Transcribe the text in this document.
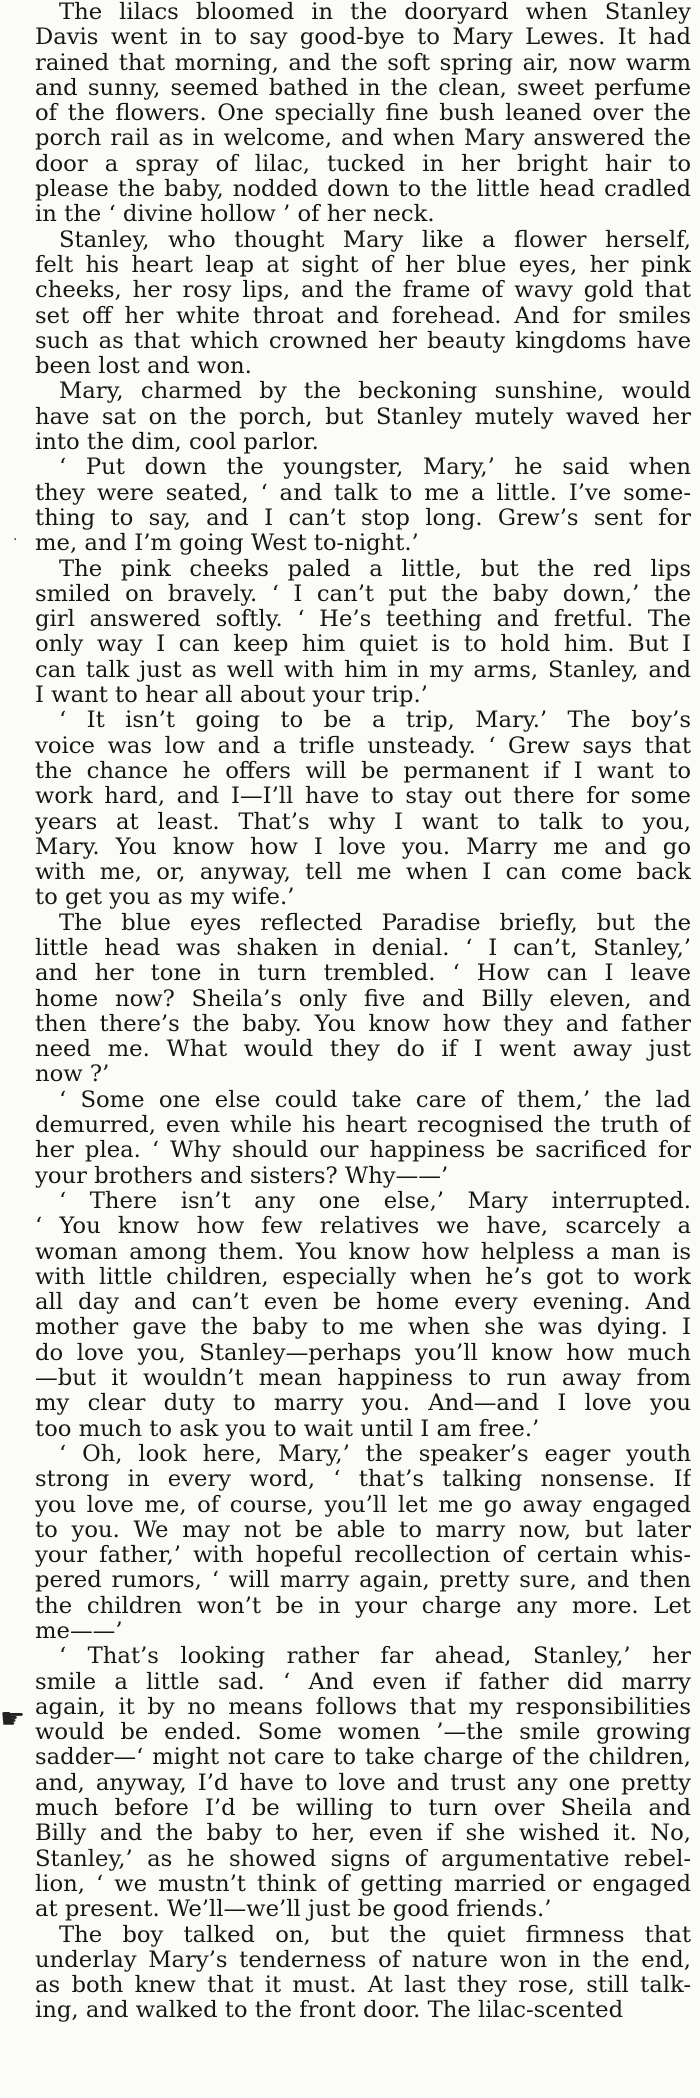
The lilacs bloomed in the dooryard when Stanley
Davis went in to say good-bye to Mary Lewes. It had
rained that morning, and the soft spring air, now warm
and sunny, seemed bathed in the clean, sweet perfume
of the flowers. One specially fine bush leaned over the
porch rail as in welcome, and when Mary answered the
door a spray of lilac, tucked in her bright hair to
please the baby, nodded down to the little head cradled
in the ‘ divine hollow ’ of her neck.

Stanley, who thought Mary like a flower herself,
felt his heart leap at sight of her blue eyes, her pink
cheeks, her rosy lips, and the frame of wavy gold that
set off her white throat and forehead. And for smiles
such as that which crowned her beauty kingdoms have
been lost and won.

Mary, charmed by the beckoning sunshine, would
have sat on the porch, but Stanley mutely waved her
into the dim, cool parlor.

‘ Put down the youngster, Mary,’ he said when
they were seated, ‘ and talk to me a little. I’ve some-
thing to say, and I can’t stop long. Grew’s sent for
me, and I’m going West to-night.’

The pink cheeks paled a little, but the red lips
smiled on bravely. ‘ I can’t put the baby down,’ the
girl answered softly. ‘ He’s teething and fretful. The
only way I can keep him quiet is to hold him. But I
can talk just as well with him in my arms, Stanley, and
I want to hear all about your trip.’

‘ It isn’t going to be a trip, Mary.’ The boy’s
voice was low and a trifle unsteady. ‘ Grew says that
the chance he offers will be permanent if I want to
work hard, and I—I’ll have to stay out there for some
years at least. That’s why I want to talk to you,
Mary. You know how I love you. Marry me and go
with me, or, anyway, tell me when I can come back
to get you as my wife.’

The blue eyes reflected Paradise briefly, but the
little head was shaken in denial. ‘ I can’t, Stanley,’
and her tone in turn trembled. ‘ How can I leave
home now? Sheila’s only five and Billy eleven, and
then there’s the baby. You know how they and father
need me. What would they do if I went away just
now ?’

‘ Some one else could take care of them,’ the lad
demurred, even while his heart recognised the truth of
her plea. ‘ Why should our happiness be sacrificed for
your brothers and sisters? Why——’

‘ There isn’t any one else,’ Mary interrupted.
‘ You know how few relatives we have, scarcely a
woman among them. You know how helpless a man is
with little children, especially when he’s got to work
all day and can’t even be home every evening. And
mother gave the baby to me when she was dying. I
do love you, Stanley—perhaps you’ll know how much
—but it wouldn’t mean happiness to run away from
my clear duty to marry you. And—and I love you
too much to ask you to wait until I am free.’

‘ Oh, look here, Mary,’ the speaker’s eager youth
strong in every word, ‘ that’s talking nonsense. If
you love me, of course, you’ll let me go away engaged
to you. We may not be able to marry now, but later
your father,’ with hopeful recollection of certain whis-
pered rumors, ‘ will marry again, pretty sure, and then
the children won’t be in your charge any more. Let
me——’

‘ That’s looking rather far ahead, Stanley,’ her
smile a little sad. ‘ And even if father did marry
again, it by no means follows that my responsibilities
would be ended. Some women ’—the smile growing
sadder—‘ might not care to take charge of the children,
and, anyway, I’d have to love and trust any one pretty
much before I’d be willing to turn over Sheila and
Billy and the baby to her, even if she wished it. No,
Stanley,’ as he showed signs of argumentative rebel-
lion, ‘ we mustn’t think of getting married or engaged
at present. We’ll—we’ll just be good friends.’

The boy talked on, but the quiet firmness that
underlay Mary’s tenderness of nature won in the end,
as both knew that it must. At last they rose, still talk-
ing, and walked to the front door. The lilac-scented

·
☛
